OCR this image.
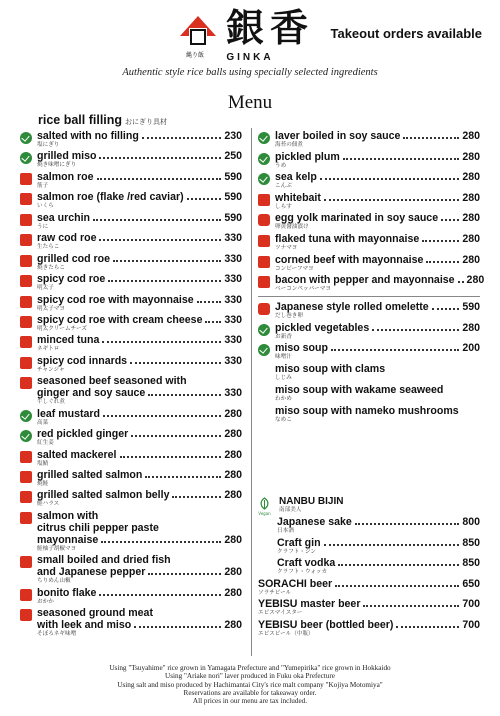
銀香
縄り飯
Takeout orders available
GINKA
Authentic style rice balls using specially selected ingredients
Menu
rice ball filling おにぎり具材
salted with no filling	230
塩にぎり
grilled miso	250
焼き味噌にぎり
salmon roe	590
筋子
salmon roe (flake /red caviar)	590
いくら
sea urchin	590
うに
raw cod roe	330
生たらこ
grilled cod roe	330
焼きたらこ
spicy cod roe	330
明太子
spicy cod roe with mayonnaise	330
明太子マヨ
spicy cod roe with cream cheese 330
明太クリームチーズ
minced tuna	330
ネギトロ
spicy cod innards	330
チャンジャ
seasoned beef seasoned with
ginger and soy sauce	330
牛しぐれ煮
leaf mustard	280
高菜
red pickled ginger	280
紅生姜
salted mackerel	280
塩鯖
grilled salted salmon	280
焼鮭
grilled salted salmon belly	280
鮭ハラス
salmon with
citrus chili pepper paste
mayonnaise	280
鮭柚子胡椒マヨ
small boiled and dried fish
and Japanese pepper	280
ちりめん山椒
bonito flake	280
おかか
seasoned ground meat
with leek and miso	280
そぼろネギ味噌
laver boiled in soy sauce	280
海苔の佃煮
pickled plum	280
うめ
sea kelp	280
こんぶ
whitebait	280
しらす
egg yolk marinated in soy sauce 280
卵黄醤油漬け
flaked tuna with mayonnaise	280
ツナマヨ
corned beef with mayonnaise	280
コンビーフマヨ
bacon with pepper and mayonnaise 280
ベーコンペッパーマヨ
Japanese style rolled omelette	590
だし巻き卵
pickled vegetables	280
お新香
miso soup	200
味噌汁
miso soup with clams
しじみ
miso soup with wakame seaweed
わかめ
miso soup with nameko mushrooms
なめこ
Vegan
NANBU BIJIN
南部美人
Japanese sake	800
日本酒
Craft gin	850
クラフト・ジン
Craft vodka	850
クラフト・ウォッカ
SORACHI beer	650
ソラチビール
YEBISU master beer	700
エビスマイスター
YEBISU beer (bottled beer)	700
エビスビール（中瓶）
Using "Tsuyahime" rice grown in Yamagata Prefecture and "Yumepirika" rice grown in Hokkaido
Using "Ariake nori" laver produced in Fuku oka Prefecture
Using salt and miso produced by Hachimantai City's rice malt company "Kojiya Motomiya"
Reservations are available for takeaway order.
All prices in our menu are tax included.
